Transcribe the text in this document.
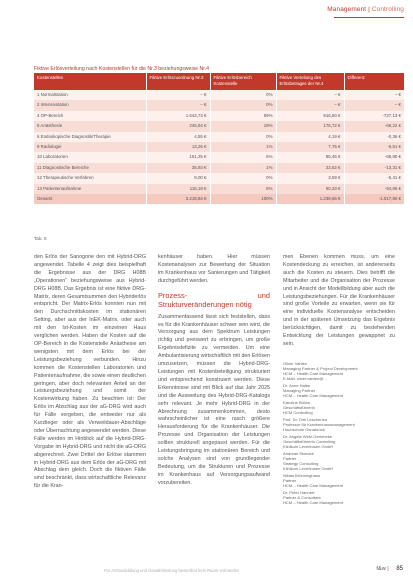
Management | Controlling
Fiktive Erlösverteilung nach Kostenstellen für die Nr.3 beziehungsweise Nr.4
Kostenstellen	Fiktive Erlöszuordnung Nr.3	Fiktive Erlösbereich Kostenstelle	Fiktive Verteilung des Erlösbetrages der Nr.4	Differenz
1 Normalstation	– €	0%	– €	– €
2 Intensivstation	– €	0%	– €	– €
4 OP-Bereich	1.643,73 €	59%	916,60 €	-727,13 €
5 Anästhesie	245,94 €	19%	176,72 €	-69,22 €
6 Endoskopische Diagnostik/Therapie	4,55 €	0%	4,19 €	-0,36 €
9 Radiologie	13,26 €	1%	7,75 €	-5,51 €
10 Laboratorien	151,25 €	6%	85,45 €	-65,80 €
11 Diagnostische Bereiche	35,93 €	1%	22,62 €	-13,31 €
12 Therapeutische Verfahren	9,00 €	0%	3,59 €	-5,41 €
13 Patientenaufnahme	115,18 €	5%	60,33 €	-54,85 €
Gesamt	2.218,84 €	100%	1.238,66 €	-1.017,80 €
Tab. 5

den Erlös der Sanogone den mit Hybrid-DRG angewendet. Tabelle 4 zeigt dies beispielhaft die Ergebnisse aus der DRG H08B „Operationen“ beziehungsweise aus Hybrid-DRG H08B. Das Ergebnis ist eine fiktive DRG-Matrix, deren Gesamtsummen den Hybriderlös entspricht. Der Matrix-Erlös konnten nun mit den Durchschnittskosten im stationären Setting, aber aus der InEK-Matrix, oder auch mit den Ist-Kosten im einzelnen Haus verglichen werden. Haben die Kosten auf die OP-Bereich in die Kostenstelle Anästhesie am wenigsten mit dem Erlös bei der Leistungsbeziehung verbunden. Hinzu kommen die Kostenstellen Laboratorien und Patientenaufnahme, die sowie einen deutlichen geringen, aber doch relevanten Anteil an der Leistungsbeziehung und somit der Kostenwirkung haben. Zu beachten ist: Der Erlös im Abschlag aus der aG-DRG wird auch für Fälle vergeben, die entweder nur als Kurzlieger oder als Verweildauer-Abschläge oder Übernachtung angewendet werden. Diese Fälle werden im Hinblick auf die Hybrid-DRG-Vorgabe im Hybrid-DRG und nicht die aG-DRG abgerechnet. Zwei Drittel der Erlöse stammen in Hybrid-DRG aus dem Erlös der aG-DRG mit Abschlag dem gleich. Doch die fiktiven Fälle sind beschränkt, dass wirtschaftliche Relevanz für die Kran-

kenhäuser haben. Hier müssen Kostenanalysen zur Bewertung der Situation im Krankenhaus vor Sanierungen und Tätigkeit durchgeführt werden.

Prozess- und Strukturveränderungen nötig

Zusammenfassend lässt sich feststellen, dass es für die Krankenhäuser schwer sein wird, die Versorgung aus dem Spektrum Leistungen richtig und preiswert zu erbringen, um große Ergebnisdefizite zu vermeiden. Um eine Ambulantisierung wirtschaftlich mit den Erlösen umzusetzen, müssen die Hybrid-DRG-Leistungen mit Kostenbeteiligung strukturiert und entsprechend konstruiert werden. Diese Erkenntnisse sind mit Blick auf das Jahr 2025 und die Ausweitung des Hybrid-DRG-Katalogs sehr relevant. Je mehr Hybrid-DRG in der Abrechnung zusammenkommen, desto wahrscheinlicher ist eine rasch größere Herausforderung für die Krankenhäuser. Die Prozesse und Organisation der Leistungen sollten strukturell angepasst werden. Für die Leistungsbringung im stationären Bereich und solche Analysen sind von grundlegender Bedeutung, um die Strukturen und Prozesse im Krankenhaus auf Versorgungsaufwand vorzubereiten.

men Ebenen kommen muss, um eine Kostendeckung zu erreichen, ist andererseits auch die Kosten zu steuern. Dies betrifft die Mitarbeiter und die Organisation der Prozesse und in Ansicht der Modellbildung aber auch die Leistungsbeziehungen. Für die Krankenhäuser sind große Vorteile zu erwarten, wenn sie für eine individuelle Kostenanalyse entscheiden und in der späteren Umsetzung das Ergebnis berücksichtigen, damit zu bestehenden Entwicklung der Leistungen gewappnet zu sein.

Oliver Vahlen
Managing Partner & Project Development
HCM – Health Care Management
E-Mail: oliver.vahlen@...
Dr. Anne Halbe
Managing Partner
HCM – Health Care Management
Karoline Bülow
Geschäftsführerin
HCM Controlling
Prof. Dr. Dirk Leschenka
Professor für Krankenhausmanagement
Hochschule Osnabrück
Dr. Angela Wirtz-Gemmeke
Geschäftsführerin Controlling
Klinikum Leverkusen GmbH
Andreas Stoecke
Partner
Strategy Consulting
Klinikum Leverkusen GmbH
Niklas Brünninghaus
Partner
HCM – Health Care Management
Dr. Peter Hannert
Partner & Consultant
HCM – Health Care Management
Für Arztausbildung und Gewährleistung bewertbar kein Raum vorhanden	f&w | 85
